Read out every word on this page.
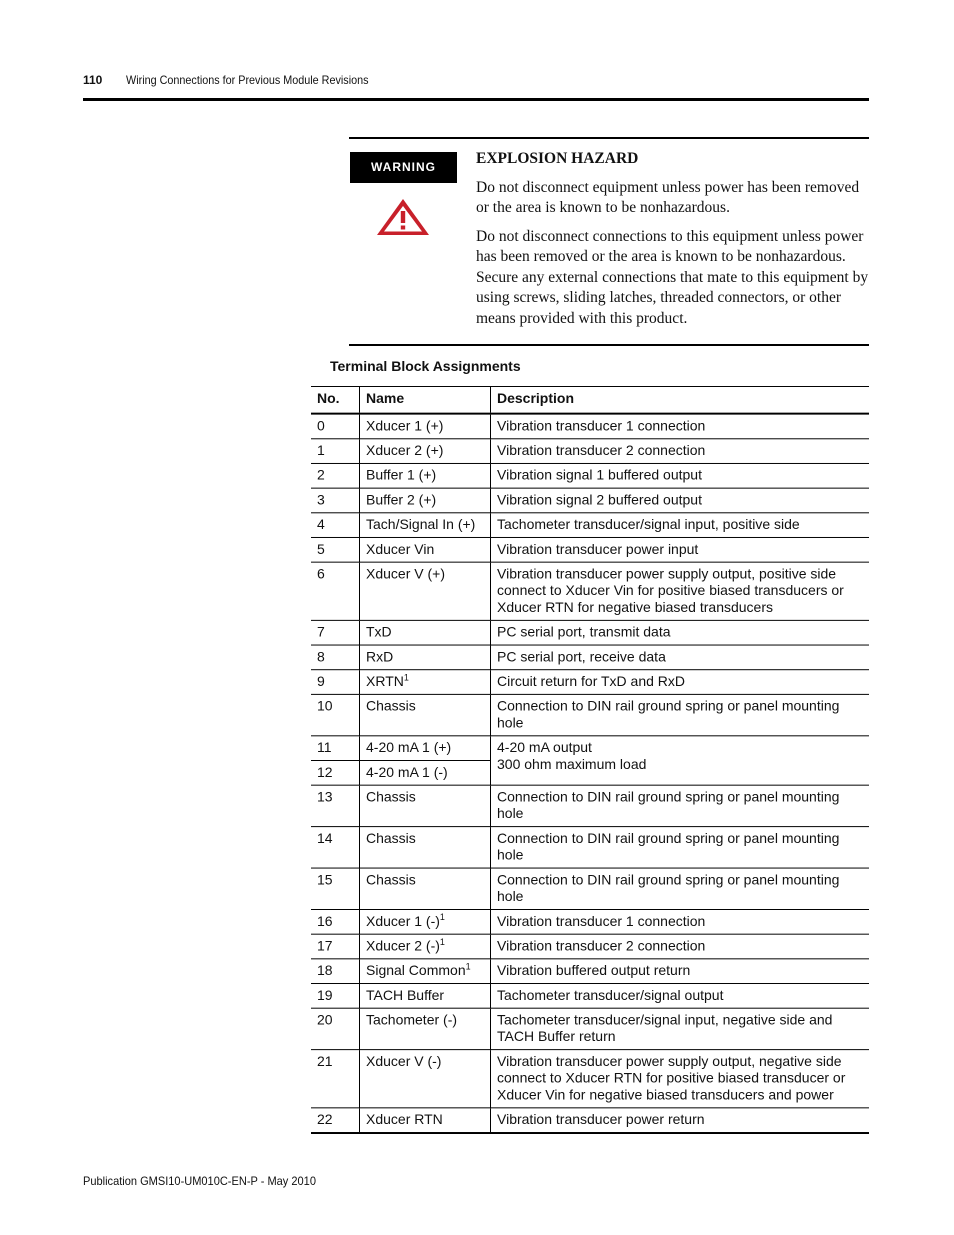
110 Wiring Connections for Previous Module Revisions
WARNING	EXPLOSION HAZARD

Do not disconnect equipment unless power has been removed or the area is known to be nonhazardous.

Do not disconnect connections to this equipment unless power has been removed or the area is known to be nonhazardous. Secure any external connections that mate to this equipment by using screws, sliding latches, threaded connectors, or other means provided with this product.

Terminal Block Assignments
No.	Name	Description
0	Xducer 1 (+)	Vibration transducer 1 connection

1	Xducer 2 (+)	Vibration transducer 2 connection

2	Buffer 1 (+)	Vibration signal 1 buffered output

3	Buffer 2 (+)	Vibration signal 2 buffered output

4	Tach/Signal In (+)	Tachometer transducer/signal input, positive side

5	Xducer Vin	Vibration transducer power input

6	Xducer V (+)	Vibration transducer power supply output, positive side connect to Xducer Vin for positive biased transducers or Xducer RTN for negative biased transducers

7	TxD	PC serial port, transmit data

8	RxD	PC serial port, receive data

9	XRTN$^1$	Circuit return for TxD and RxD

10	Chassis	Connection to DIN rail ground spring or panel mounting hole

11	4-20 mA 1 (+)	4-20 mA output
300 ohm maximum load

12	4-20 mA 1 (-)	
13	Chassis	Connection to DIN rail ground spring or panel mounting hole

14	Chassis	Connection to DIN rail ground spring or panel mounting hole

15	Chassis	Connection to DIN rail ground spring or panel mounting hole

16	Xducer 1 $(-)^1$	Vibration transducer 1 connection

17	Xducer 2 $(-)^1$	Vibration transducer 2 connection

18	Signal Common$^1$	Vibration buffered output return

19	TACH Buffer	Tachometer transducer/signal output

20	Tachometer (-)	Tachometer transducer/signal input, negative side and TACH Buffer return

21	Xducer V (-)	Vibration transducer power supply output, negative side connect to Xducer RTN for positive biased transducer or Xducer Vin for negative biased transducers and power

22	Xducer RTN	Vibration transducer power return
Publication GMSI10-UM010C-EN-P - May 2010
